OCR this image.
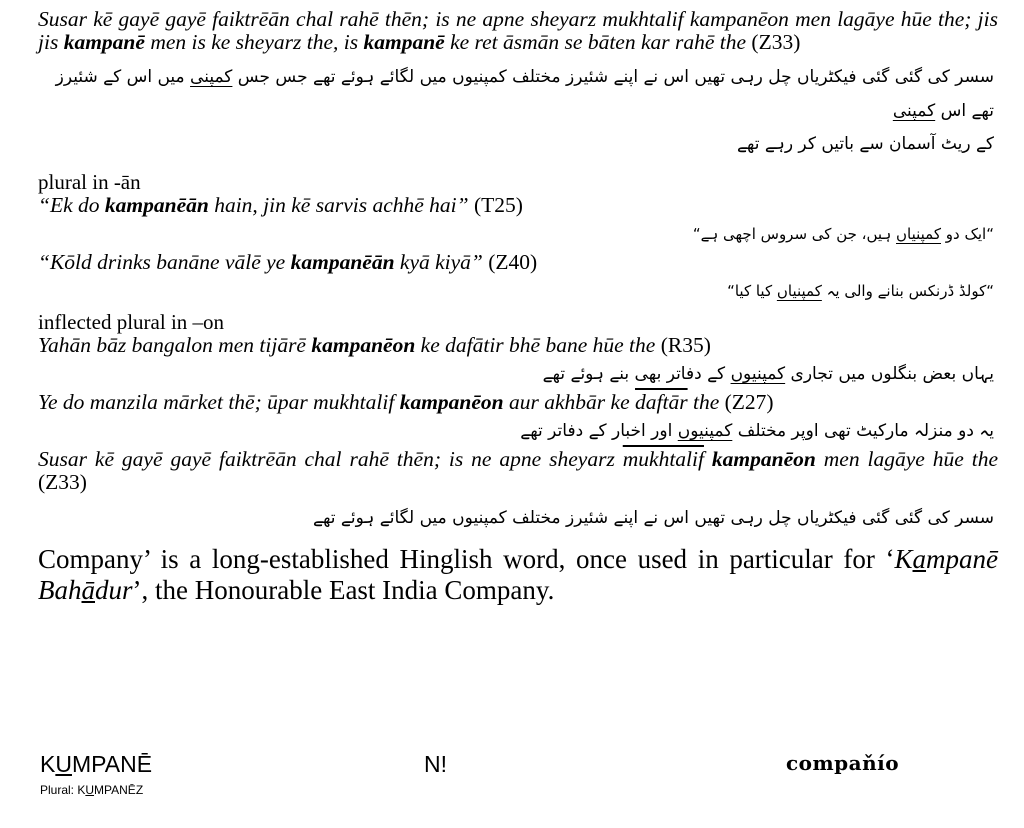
Susar kē gayē gayē faiktrēān chal rahē thēn; is ne apne sheyarz mukhtalif kampanēon men lagāye hūe the; jis jis kampanē men is ke sheyarz the, is kampanē ke ret āsmān se bāten kar rahē the (Z33)
سسر کی گئی گئی فیکٹریاں چل رہی تھیں اس نے اپنے شئیرز مختلف کمپنیوں میں لگائے ہوئے تھے جس جس کمپنی میں اس کے شئیرز تھے اس کمپنی
کے ریٹ آسمان سے باتیں کر رہے تھے
plural in -ān
“Ek do kampanēān hain, jin kē sarvis achhē hai” (T25)
“ایک دو کمپنیاں ہیں، جن کی سروس اچھی ہے“
“Kōld drinks banāne vālē ye kampanēān kyā kiyā” (Z40)
“کولڈ ڈرنکس بنانے والی یہ کمپنیاں کیا کیا“
inflected plural in –on
Yahān bāz bangalon men tijārē kampanēon ke dafātir bhē bane hūe the (R35)
یہاں بعض بنگلوں میں تجاری کمپنیوں کے دفاتر بھی بنے ہوئے تھے
Ye do manzila mārket thē; ūpar mukhtalif kampanēon aur akhbār ke daftār the (Z27)
یہ دو منزلہ مارکیٹ تھی اوپر مختلف کمپنیوں اور اخبار کے دفاتر تھے
Susar kē gayē gayē faiktrēān chal rahē thēn; is ne apne sheyarz mukhtalif kampanēon men lagāye hūe the (Z33)
سسر کی گئی گئی فیکٹریاں چل رہی تھیں اس نے اپنے شئیرز مختلف کمپنیوں میں لگائے ہوئے تھے
Company’ is a long-established Hinglish word, once used in particular for ‘Kampanē Bahādur’, the Honourable East India Company.
KUMPANĒ	N!	compaňío
Plural: KUMPANĒZ
